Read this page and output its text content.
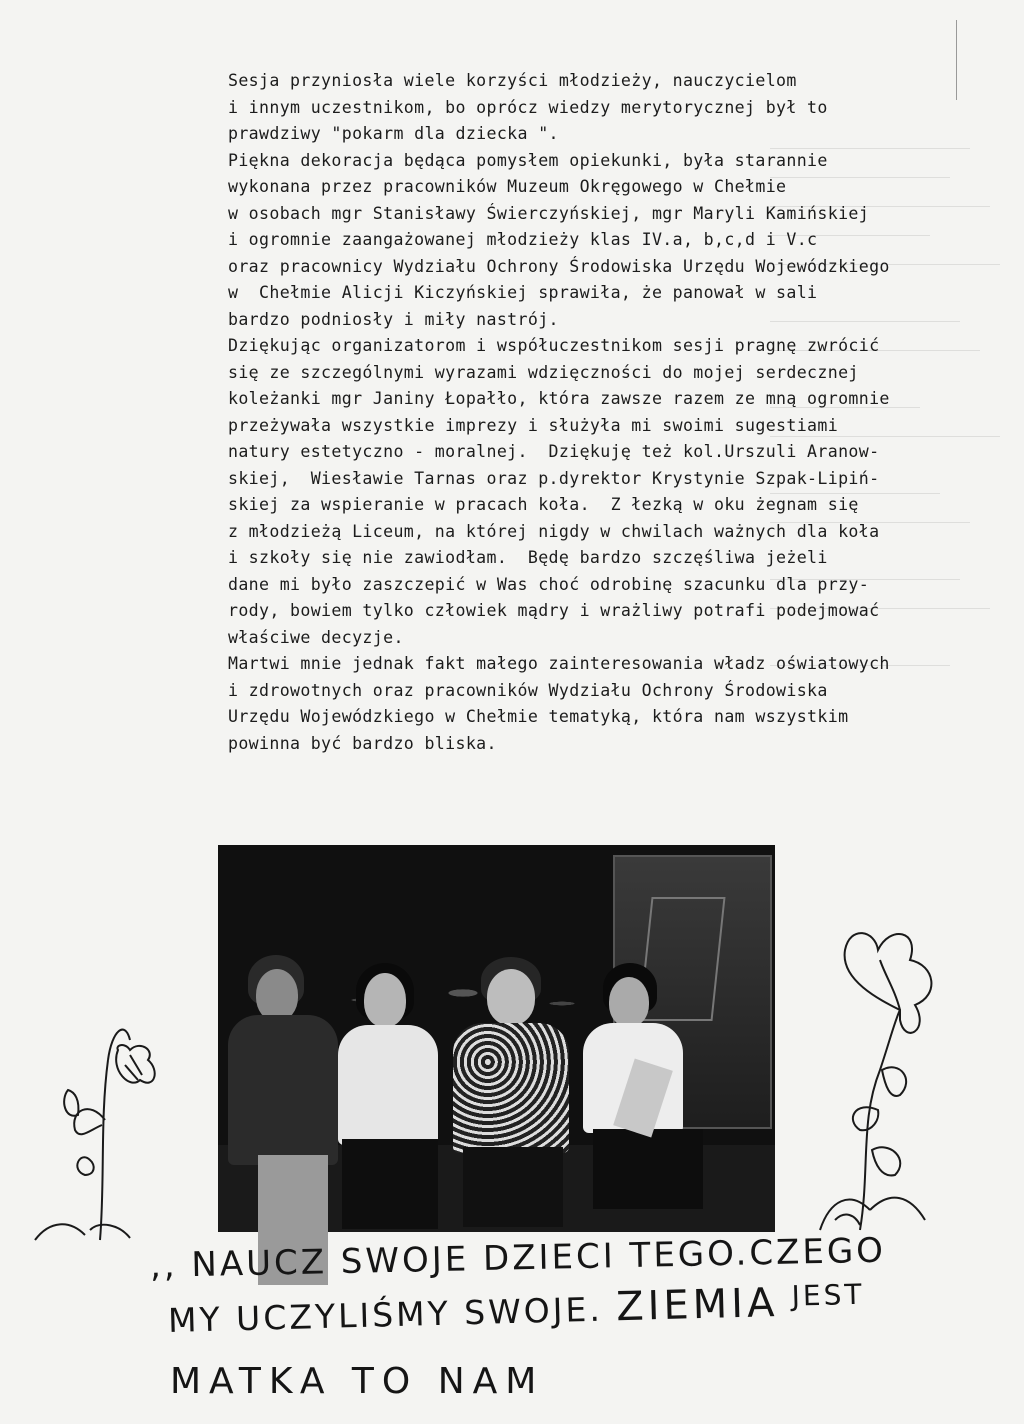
Sesja przyniosła wiele korzyści młodzieży, nauczycielom
i innym uczestnikom, bo oprócz wiedzy merytorycznej był to
prawdziwy "pokarm dla dziecka ".
Piękna dekoracja będąca pomysłem opiekunki, była starannie
wykonana przez pracowników Muzeum Okręgowego w Chełmie
w osobach mgr Stanisławy Świerczyńskiej, mgr Maryli Kamińskiej
i ogromnie zaangażowanej młodzieży klas IV.a, b,c,d i V.c
oraz pracownicy Wydziału Ochrony Środowiska Urzędu Wojewódzkiego
w  Chełmie Alicji Kiczyńskiej sprawiła, że panował w sali
bardzo podniosły i miły nastrój.
Dziękując organizatorom i współuczestnikom sesji pragnę zwrócić
się ze szczególnymi wyrazami wdzięczności do mojej serdecznej
koleżanki mgr Janiny Łopałło, która zawsze razem ze mną ogromnie
przeżywała wszystkie imprezy i służyła mi swoimi sugestiami
natury estetyczno - moralnej.  Dziękuję też kol.Urszuli Aranow-
skiej,  Wiesławie Tarnas oraz p.dyrektor Krystynie Szpak-Lipiń-
skiej za wspieranie w pracach koła.  Z łezką w oku żegnam się
z młodzieżą Liceum, na której nigdy w chwilach ważnych dla koła
i szkoły się nie zawiodłam.  Będę bardzo szczęśliwa jeżeli
dane mi było zaszczepić w Was choć odrobinę szacunku dla przy-
rody, bowiem tylko człowiek mądry i wrażliwy potrafi podejmować
właściwe decyzje.
Martwi mnie jednak fakt małego zainteresowania władz oświatowych
i zdrowotnych oraz pracowników Wydziału Ochrony Środowiska
Urzędu Wojewódzkiego w Chełmie tematyką, która nam wszystkim
powinna być bardzo bliska.
,, NAUCZ SWOJE DZIECI TEGO.CZEGO
MY UCZYLIŚMY SWOJE. ZIEMIA $^{JEST}$
MATKA TO NAM
